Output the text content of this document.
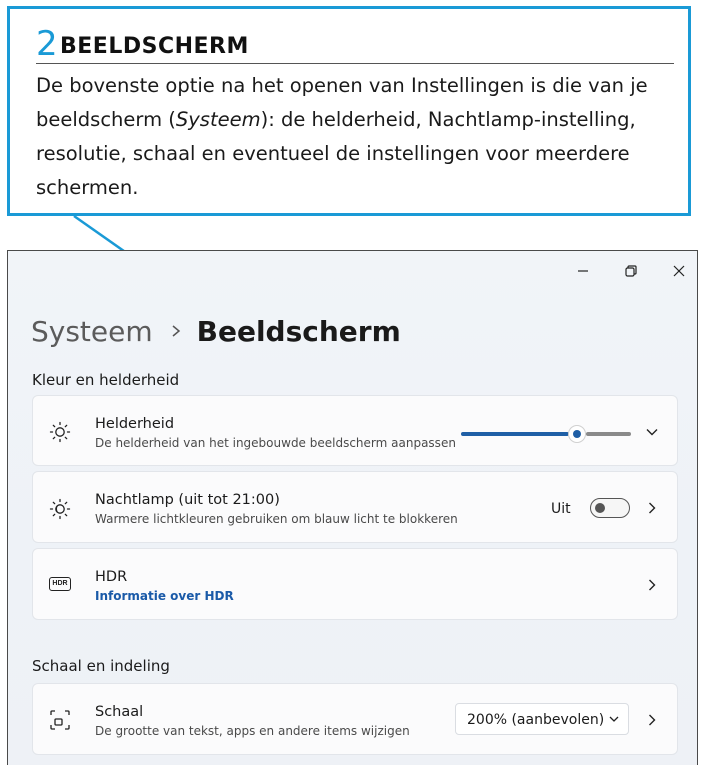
2 BEELDSCHERM
De bovenste optie na het openen van Instellingen is die van je beeldscherm (Systeem): de helderheid, Nachtlamp-instelling, resolutie, schaal en eventueel de instellingen voor meerdere schermen.
Systeem Beeldscherm
Kleur en helderheid
Helderheid
De helderheid van het ingebouwde beeldscherm aanpassen
Nachtlamp (uit tot 21:00)
Warmere lichtkleuren gebruiken om blauw licht te blokkeren
Uit
HDR HDR
Informatie over HDR
Schaal en indeling
Schaal
De grootte van tekst, apps en andere items wijzigen
200% (aanbevolen)
